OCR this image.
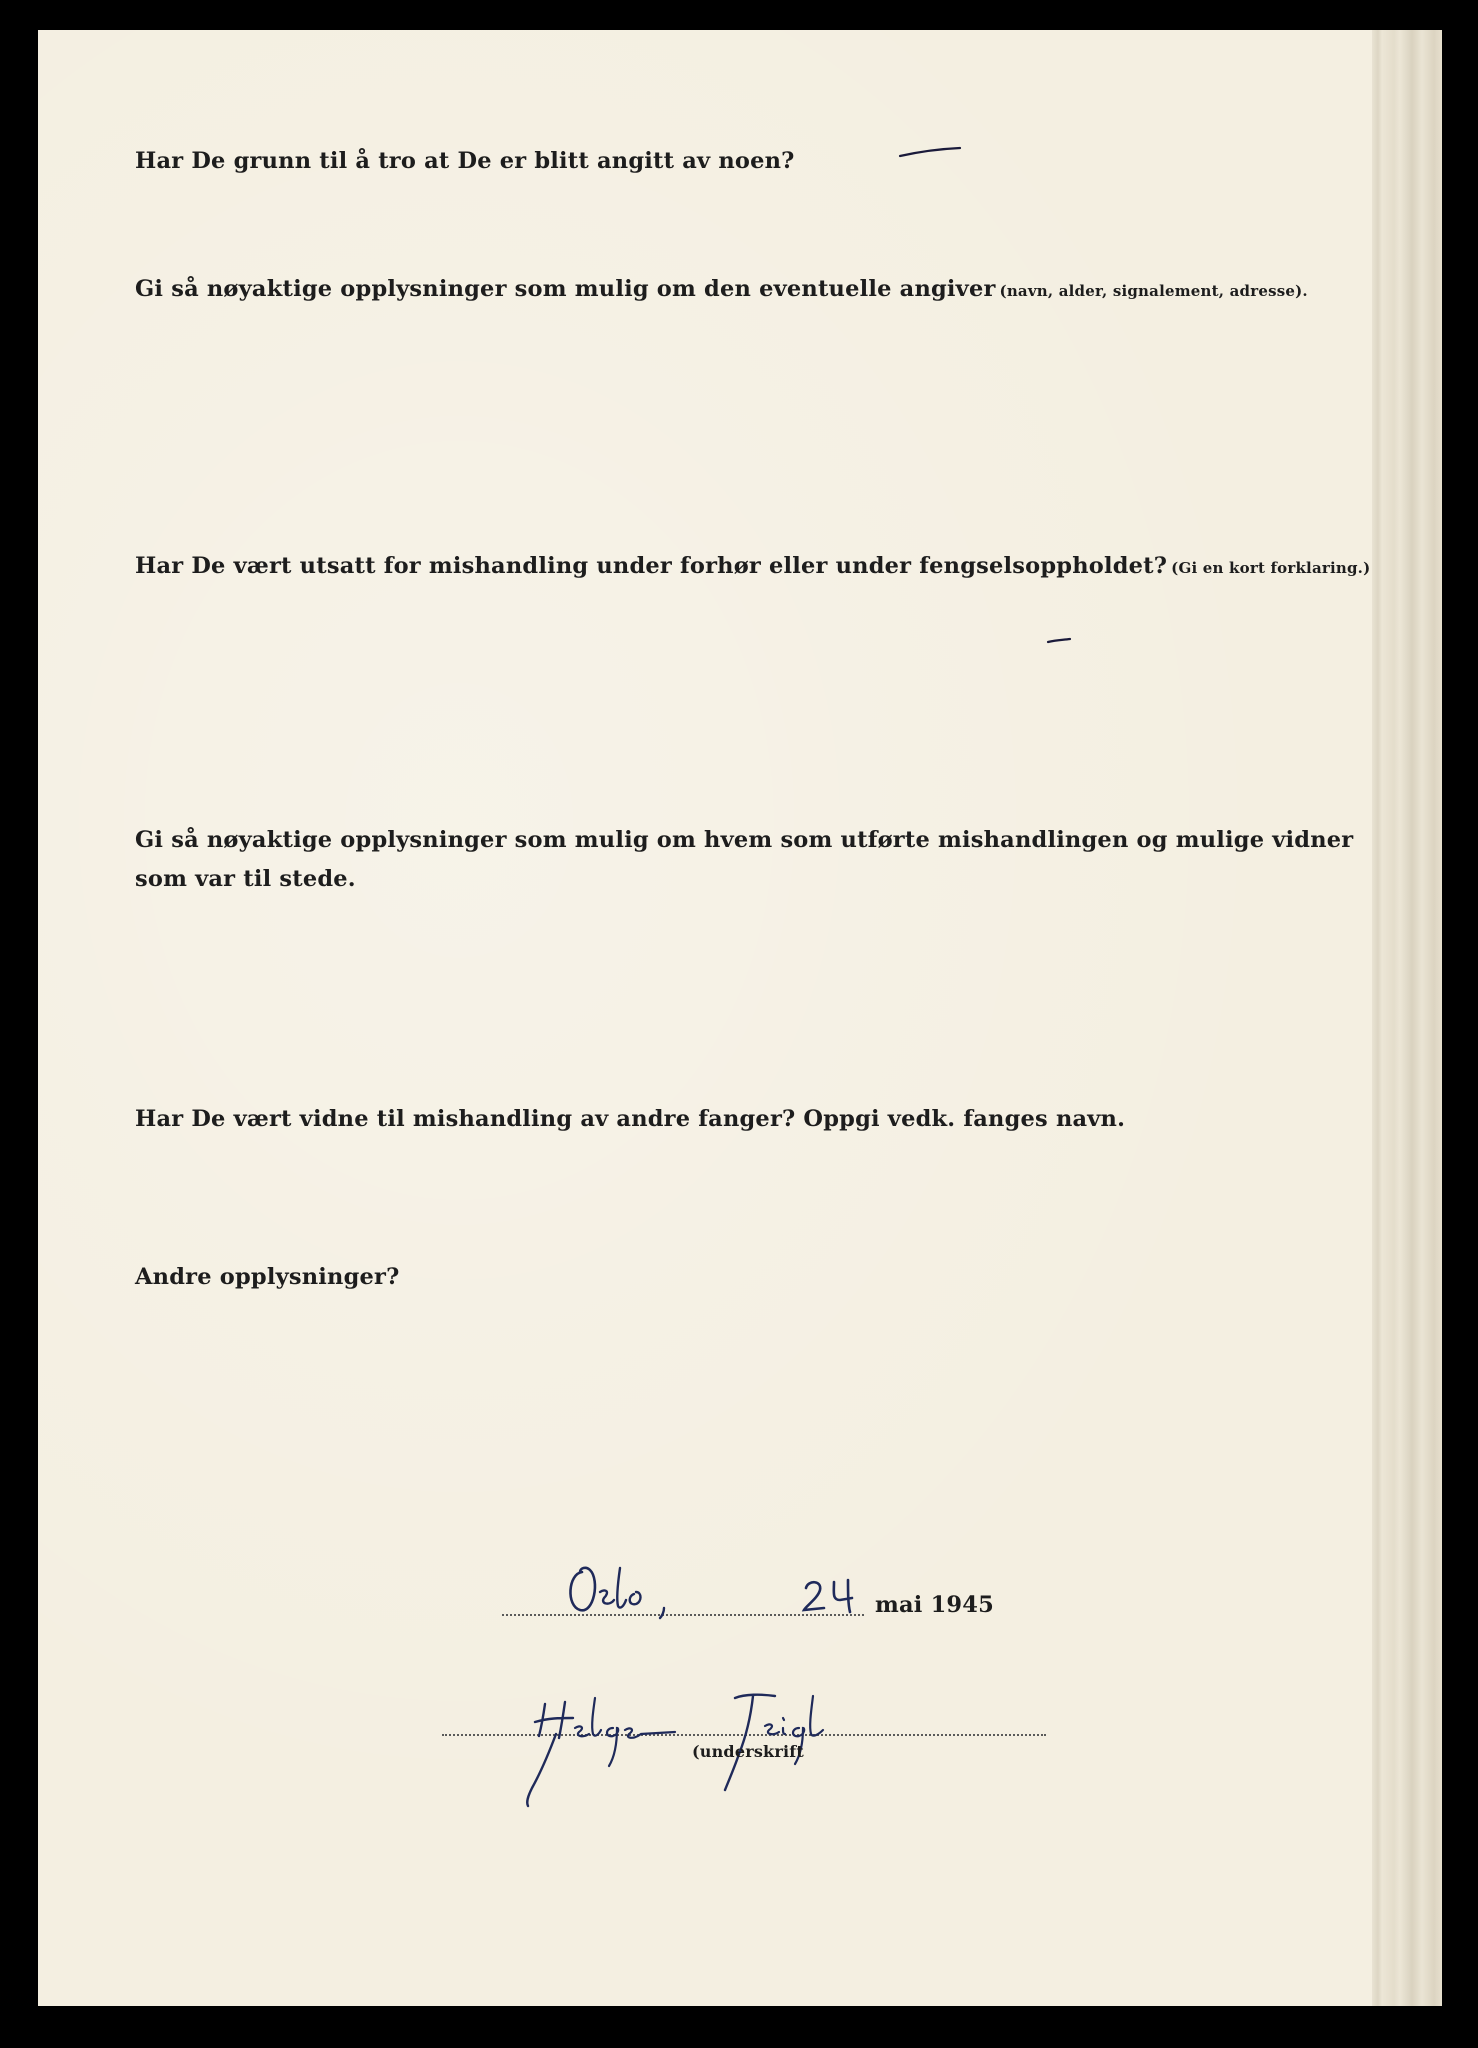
Har De grunn til å tro at De er blitt angitt av noen?
Gi så nøyaktige opplysninger som mulig om den eventuelle angiver (navn, alder, signalement, adresse).
Har De vært utsatt for mishandling under forhør eller under fengselsoppholdet? (Gi en kort forklaring.)
Gi så nøyaktige opplysninger som mulig om hvem som utførte mishandlingen og mulige vidner
som var til stede.
Har De vært vidne til mishandling av andre fanger? Oppgi vedk. fanges navn.
Andre opplysninger?
mai 1945
(underskrift
